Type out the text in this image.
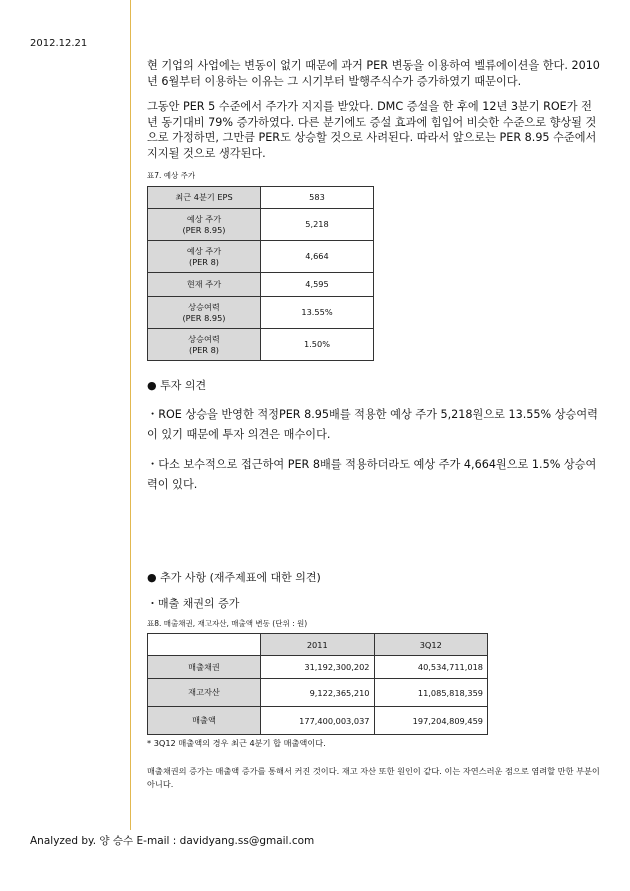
2012.12.21

현 기업의 사업에는 변동이 없기 때문에 과거 PER 변동을 이용하여 벨류에이션을 한다. 2010년 6월부터 이용하는 이유는 그 시기부터 발행주식수가 증가하였기 때문이다.

그동안 PER 5 수준에서 주가가 지지를 받았다. DMC 증설을 한 후에 12년 3분기 ROE가 전년 동기대비 79% 증가하였다. 다른 분기에도 증설 효과에 힘입어 비슷한 수준으로 향상될 것으로 가정하면, 그만큼 PER도 상승할 것으로 사려된다. 따라서 앞으로는 PER 8.95 수준에서 지지될 것으로 생각된다.

표7. 예상 주가
최근 4분기 EPS	583
예상 주가
(PER 8.95)	5,218
예상 주가
(PER 8)	4,664
현재 주가	4,595
상승여력
(PER 8.95)	13.55%
상승여력
(PER 8)	1.50%
● 투자 의견

・ROE 상승을 반영한 적정PER 8.95배를 적용한 예상 주가 5,218원으로 13.55% 상승여력이 있기 때문에 투자 의견은 매수이다.

・다소 보수적으로 접근하여 PER 8배를 적용하더라도 예상 주가 4,664원으로 1.5% 상승여력이 있다.

● 추가 사항 (재주제표에 대한 의견)
・매출 채권의 증가
표8. 매출채권, 재고자산, 매출액 변동 (단위 : 원)
	2011	3Q12
매출채권	31,192,300,202	40,534,711,018
재고자산	9,122,365,210	11,085,818,359
매출액	177,400,003,037	197,204,809,459
* 3Q12 매출액의 경우 최근 4분기 합 매출액이다.

매출채권의 증가는 매출액 증가를 통해서 커진 것이다. 재고 자산 또한 원인이 같다. 이는 자연스러운 점으로 염려할 만한 부분이 아니다.

Analyzed by. 양 승수 E-mail : davidyang.ss@gmail.com
